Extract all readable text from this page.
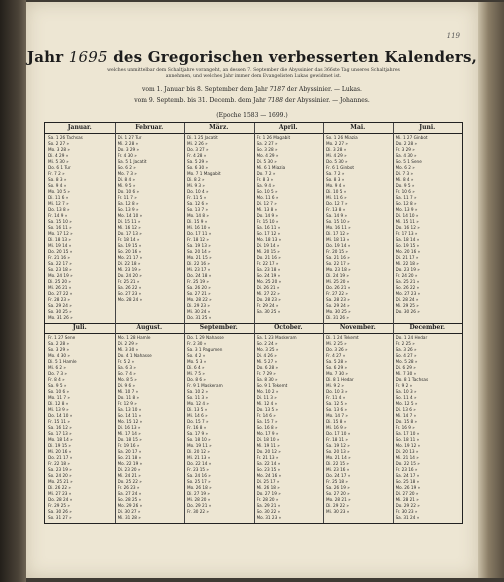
119
Jahr 1695 des Gregorischen verbesserten Kalenders,
welches unmittelbar dem Schaltjahre vorangeht, an dessen 7. September die Abyssinier das 366ste Tag unseres Schaltjahres
annehmen, und welches Jahr immer dem Evangelisten Lukas gewidmet ist.
vom 1. Januar bis 8. September dem Jahr 7187 der Abyssinier. — Lukas.
vom 9. Septemb. bis 31. Decemb. dem Jahr 7188 der Abyssinier. — Johannes.
(Epoche 1583 — 1699.)
Januar.
Sa. 1 26 Tachsas
So. 2 27 »
Mo. 3 28 »
Di. 4 29 »
Mi. 5 30 »
Do. 6 1 Tur
Fr. 7 2 »
Sa. 8 3 »
So. 9 4 »
Mo. 10 5 »
Di. 11 6 »
Mi. 12 7 »
Do. 13 8 »
Fr. 14 9 »
Sa. 15 10 »
So. 16 11 »
Mo. 17 12 »
Di. 18 13 »
Mi. 19 14 »
Do. 20 15 »
Fr. 21 16 »
Sa. 22 17 »
So. 23 18 »
Mo. 24 19 »
Di. 25 20 »
Mi. 26 21 »
Do. 27 22 »
Fr. 28 23 »
Sa. 29 24 »
So. 30 25 »
Mo. 31 26 »
Februar.
Di. 1 27 Tur
Mi. 2 28 »
Do. 3 29 »
Fr. 4 30 »
Sa. 5 1 Jacatit
So. 6 2 »
Mo. 7 3 »
Di. 8 4 »
Mi. 9 5 »
Do. 10 6 »
Fr. 11 7 »
Sa. 12 8 »
So. 13 9 »
Mo. 14 10 »
Di. 15 11 »
Mi. 16 12 »
Do. 17 13 »
Fr. 18 14 »
Sa. 19 15 »
So. 20 16 »
Mo. 21 17 »
Di. 22 18 »
Mi. 23 19 »
Do. 24 20 »
Fr. 25 21 »
Sa. 26 22 »
So. 27 23 »
Mo. 28 24 »
März.
Di. 1 25 Jacatit
Mi. 2 26 »
Do. 3 27 »
Fr. 4 28 »
Sa. 5 29 »
So. 6 30 »
Mo. 7 1 Magabit
Di. 8 2 »
Mi. 9 3 »
Do. 10 4 »
Fr. 11 5 »
Sa. 12 6 »
So. 13 7 »
Mo. 14 8 »
Di. 15 9 »
Mi. 16 10 »
Do. 17 11 »
Fr. 18 12 »
Sa. 19 13 »
So. 20 14 »
Mo. 21 15 »
Di. 22 16 »
Mi. 23 17 »
Do. 24 18 »
Fr. 25 19 »
Sa. 26 20 »
So. 27 21 »
Mo. 28 22 »
Di. 29 23 »
Mi. 30 24 »
Do. 31 25 »
April.
Fr. 1 26 Magabit
Sa. 2 27 »
So. 3 28 »
Mo. 4 29 »
Di. 5 30 »
Mi. 6 1 Miazia
Do. 7 2 »
Fr. 8 3 »
Sa. 9 4 »
So. 10 5 »
Mo. 11 6 »
Di. 12 7 »
Mi. 13 8 »
Do. 14 9 »
Fr. 15 10 »
Sa. 16 11 »
So. 17 12 »
Mo. 18 13 »
Di. 19 14 »
Mi. 20 15 »
Do. 21 16 »
Fr. 22 17 »
Sa. 23 18 »
So. 24 19 »
Mo. 25 20 »
Di. 26 21 »
Mi. 27 22 »
Do. 28 23 »
Fr. 29 24 »
Sa. 30 25 »
Mai.
So. 1 26 Miazia
Mo. 2 27 »
Di. 3 28 »
Mi. 4 29 »
Do. 5 30 »
Fr. 6 1 Ginbot
Sa. 7 2 »
So. 8 3 »
Mo. 9 4 »
Di. 10 5 »
Mi. 11 6 »
Do. 12 7 »
Fr. 13 8 »
Sa. 14 9 »
So. 15 10 »
Mo. 16 11 »
Di. 17 12 »
Mi. 18 13 »
Do. 19 14 »
Fr. 20 15 »
Sa. 21 16 »
So. 22 17 »
Mo. 23 18 »
Di. 24 19 »
Mi. 25 20 »
Do. 26 21 »
Fr. 27 22 »
Sa. 28 23 »
So. 29 24 »
Mo. 30 25 »
Di. 31 26 »
Juni.
Mi. 1 27 Ginbot
Do. 2 28 »
Fr. 3 29 »
Sa. 4 30 »
So. 5 1 Sene
Mo. 6 2 »
Di. 7 3 »
Mi. 8 4 »
Do. 9 5 »
Fr. 10 6 »
Sa. 11 7 »
So. 12 8 »
Mo. 13 9 »
Di. 14 10 »
Mi. 15 11 »
Do. 16 12 »
Fr. 17 13 »
Sa. 18 14 »
So. 19 15 »
Mo. 20 16 »
Di. 21 17 »
Mi. 22 18 »
Do. 23 19 »
Fr. 24 20 »
Sa. 25 21 »
So. 26 22 »
Mo. 27 23 »
Di. 28 24 »
Mi. 29 25 »
Do. 30 26 »
Juli.
Fr. 1 27 Sene
Sa. 2 28 »
So. 3 29 »
Mo. 4 30 »
Di. 5 1 Hamle
Mi. 6 2 »
Do. 7 3 »
Fr. 8 4 »
Sa. 9 5 »
So. 10 6 »
Mo. 11 7 »
Di. 12 8 »
Mi. 13 9 »
Do. 14 10 »
Fr. 15 11 »
Sa. 16 12 »
So. 17 13 »
Mo. 18 14 »
Di. 19 15 »
Mi. 20 16 »
Do. 21 17 »
Fr. 22 18 »
Sa. 23 19 »
So. 24 20 »
Mo. 25 21 »
Di. 26 22 »
Mi. 27 23 »
Do. 28 24 »
Fr. 29 25 »
Sa. 30 26 »
So. 31 27 »
August.
Mo. 1 28 Hamle
Di. 2 29 »
Mi. 3 30 »
Do. 4 1 Nahasse
Fr. 5 2 »
Sa. 6 3 »
So. 7 4 »
Mo. 8 5 »
Di. 9 6 »
Mi. 10 7 »
Do. 11 8 »
Fr. 12 9 »
Sa. 13 10 »
So. 14 11 »
Mo. 15 12 »
Di. 16 13 »
Mi. 17 14 »
Do. 18 15 »
Fr. 19 16 »
Sa. 20 17 »
So. 21 18 »
Mo. 22 19 »
Di. 23 20 »
Mi. 24 21 »
Do. 25 22 »
Fr. 26 23 »
Sa. 27 24 »
So. 28 25 »
Mo. 29 26 »
Di. 30 27 »
Mi. 31 28 »
September.
Do. 1 29 Nahasse
Fr. 2 30 »
Sa. 3 1 Pagumen
So. 4 2 »
Mo. 5 3 »
Di. 6 4 »
Mi. 7 5 »
Do. 8 6 »
Fr. 9 1 Maskeram
Sa. 10 2 »
So. 11 3 »
Mo. 12 4 »
Di. 13 5 »
Mi. 14 6 »
Do. 15 7 »
Fr. 16 8 »
Sa. 17 9 »
So. 18 10 »
Mo. 19 11 »
Di. 20 12 »
Mi. 21 13 »
Do. 22 14 »
Fr. 23 15 »
Sa. 24 16 »
So. 25 17 »
Mo. 26 18 »
Di. 27 19 »
Mi. 28 20 »
Do. 29 21 »
Fr. 30 22 »
October.
Sa. 1 23 Maskeram
So. 2 24 »
Mo. 3 25 »
Di. 4 26 »
Mi. 5 27 »
Do. 6 28 »
Fr. 7 29 »
Sa. 8 30 »
So. 9 1 Tekemt
Mo. 10 2 »
Di. 11 3 »
Mi. 12 4 »
Do. 13 5 »
Fr. 14 6 »
Sa. 15 7 »
So. 16 8 »
Mo. 17 9 »
Di. 18 10 »
Mi. 19 11 »
Do. 20 12 »
Fr. 21 13 »
Sa. 22 14 »
So. 23 15 »
Mo. 24 16 »
Di. 25 17 »
Mi. 26 18 »
Do. 27 19 »
Fr. 28 20 »
Sa. 29 21 »
So. 30 22 »
Mo. 31 23 »
November.
Di. 1 24 Tekemt
Mi. 2 25 »
Do. 3 26 »
Fr. 4 27 »
Sa. 5 28 »
So. 6 29 »
Mo. 7 30 »
Di. 8 1 Hedar
Mi. 9 2 »
Do. 10 3 »
Fr. 11 4 »
Sa. 12 5 »
So. 13 6 »
Mo. 14 7 »
Di. 15 8 »
Mi. 16 9 »
Do. 17 10 »
Fr. 18 11 »
Sa. 19 12 »
So. 20 13 »
Mo. 21 14 »
Di. 22 15 »
Mi. 23 16 »
Do. 24 17 »
Fr. 25 18 »
Sa. 26 19 »
So. 27 20 »
Mo. 28 21 »
Di. 29 22 »
Mi. 30 23 »
December.
Do. 1 24 Hedar
Fr. 2 25 »
Sa. 3 26 »
So. 4 27 »
Mo. 5 28 »
Di. 6 29 »
Mi. 7 30 »
Do. 8 1 Tachsas
Fr. 9 2 »
Sa. 10 3 »
So. 11 4 »
Mo. 12 5 »
Di. 13 6 »
Mi. 14 7 »
Do. 15 8 »
Fr. 16 9 »
Sa. 17 10 »
So. 18 11 »
Mo. 19 12 »
Di. 20 13 »
Mi. 21 14 »
Do. 22 15 »
Fr. 23 16 »
Sa. 24 17 »
So. 25 18 »
Mo. 26 19 »
Di. 27 20 »
Mi. 28 21 »
Do. 29 22 »
Fr. 30 23 »
Sa. 31 24 »
